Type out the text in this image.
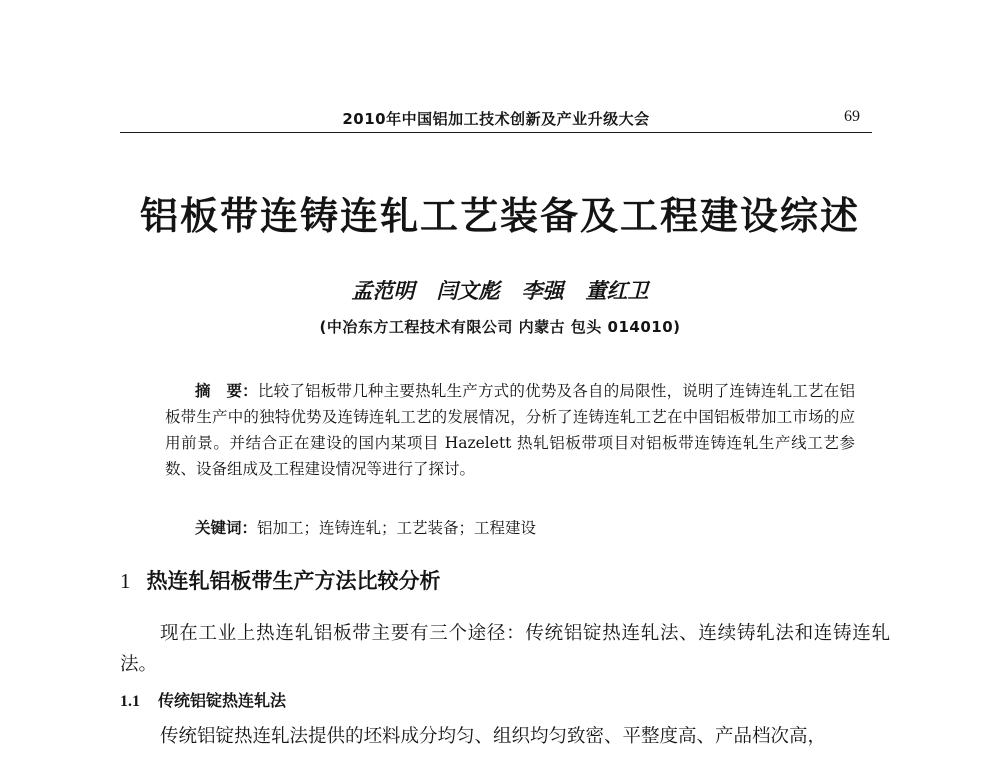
2010年中国铝加工技术创新及产业升级大会	69
铝板带连铸连轧工艺装备及工程建设综述
孟范明 闫文彪 李强 董红卫
(中冶东方工程技术有限公司 内蒙古 包头 014010)
摘　要：比较了铝板带几种主要热轧生产方式的优势及各自的局限性，说明了连铸连轧工艺在铝板带生产中的独特优势及连铸连轧工艺的发展情况，分析了连铸连轧工艺在中国铝板带加工市场的应用前景。并结合正在建设的国内某项目 Hazelett 热轧铝板带项目对铝板带连铸连轧生产线工艺参数、设备组成及工程建设情况等进行了探讨。
关键词：铝加工；连铸连轧；工艺装备；工程建设
1 热连轧铝板带生产方法比较分析
现在工业上热连轧铝板带主要有三个途径：传统铝锭热连轧法、连续铸轧法和连铸连轧法。
1.1 传统铝锭热连轧法
传统铝锭热连轧法提供的坯料成分均匀、组织均匀致密、平整度高、产品档次高，
